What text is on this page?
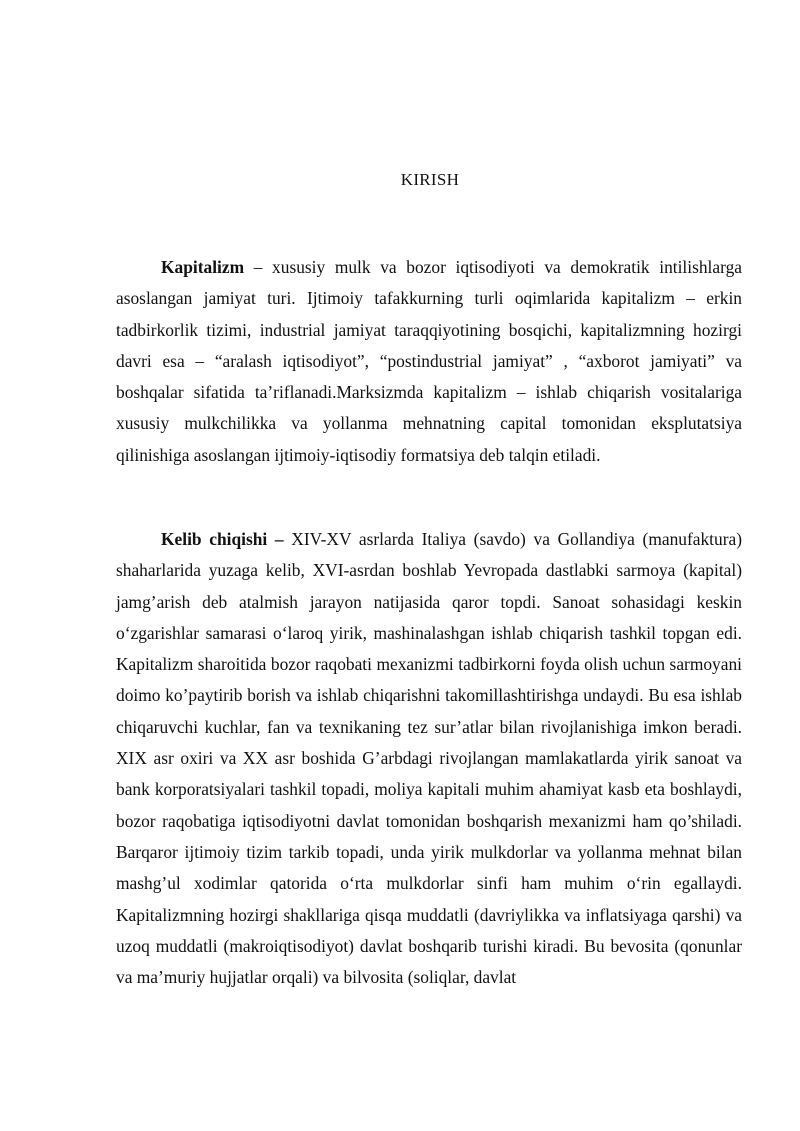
KIRISH

Kapitalizm – xususiy mulk va bozor iqtisodiyoti va demokratik intilishlarga asoslangan jamiyat turi. Ijtimoiy tafakkurning turli oqimlarida kapitalizm – erkin tadbirkorlik tizimi, industrial jamiyat taraqqiyotining bosqichi, kapitalizmning hozirgi davri esa – “aralash iqtisodiyot”, “postindustrial jamiyat” , “axborot jamiyati” va boshqalar sifatida ta’riflanadi.Marksizmda kapitalizm – ishlab chiqarish vositalariga xususiy mulkchilikka va yollanma mehnatning capital tomonidan eksplutatsiya qilinishiga asoslangan ijtimoiy-iqtisodiy formatsiya deb talqin etiladi.

Kelib chiqishi – XIV-XV asrlarda Italiya (savdo) va Gollandiya (manufaktura) shaharlarida yuzaga kelib, XVI-asrdan boshlab Yevropada dastlabki sarmoya (kapital) jamg’arish deb atalmish jarayon natijasida qaror topdi. Sanoat sohasidagi keskin o‘zgarishlar samarasi o‘laroq yirik, mashinalashgan ishlab chiqarish tashkil topgan edi. Kapitalizm sharoitida bozor raqobati mexanizmi tadbirkorni foyda olish uchun sarmoyani doimo ko’paytirib borish va ishlab chiqarishni takomillashtirishga undaydi. Bu esa ishlab chiqaruvchi kuchlar, fan va texnikaning tez sur’atlar bilan rivojlanishiga imkon beradi. XIX asr oxiri va XX asr boshida G’arbdagi rivojlangan mamlakatlarda yirik sanoat va bank korporatsiyalari tashkil topadi, moliya kapitali muhim ahamiyat kasb eta boshlaydi, bozor raqobatiga iqtisodiyotni davlat tomonidan boshqarish mexanizmi ham qo’shiladi. Barqaror ijtimoiy tizim tarkib topadi, unda yirik mulkdorlar va yollanma mehnat bilan mashg’ul xodimlar qatorida o‘rta mulkdorlar sinfi ham muhim o‘rin egallaydi. Kapitalizmning hozirgi shakllariga qisqa muddatli (davriylikka va inflatsiyaga qarshi) va uzoq muddatli (makroiqtisodiyot) davlat boshqarib turishi kiradi. Bu bevosita (qonunlar va ma’muriy hujjatlar orqali) va bilvosita (soliqlar, davlat
